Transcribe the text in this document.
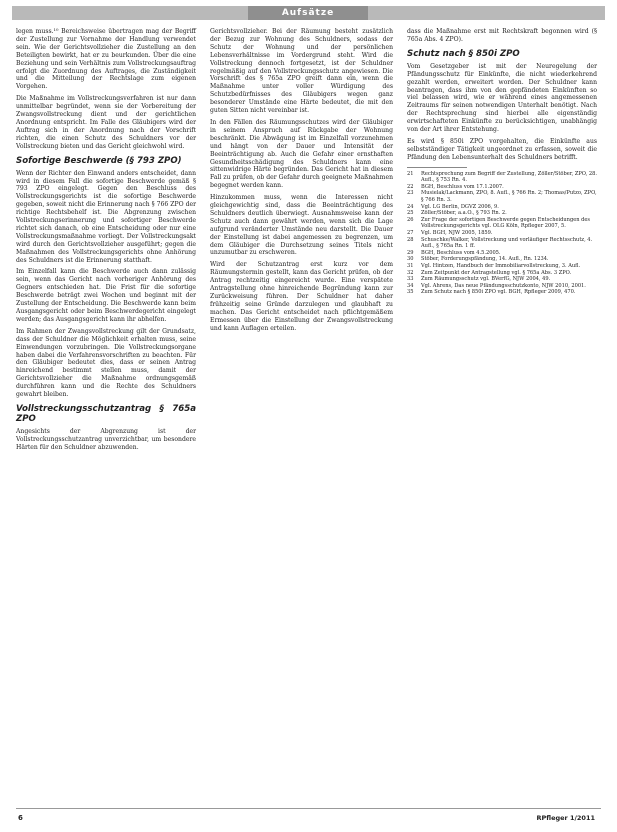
Aufsätze

legen muss.¹⁰ Bereichsweise übertragen mag der Begriff der Zustellung zur Vornahme der Handlung verwendet sein. Wie der Gerichtsvollzieher die Zustellung an den Beteiligten bewirkt, hat er zu beurkunden. Über die eine Beziehung und sein Verhältnis zum Vollstreckungsauftrag erfolgt die Zuordnung des Auftrages, die Zuständigkeit und die Mitteilung der Rechtslage zum eigenen Vorgehen.

Die Maßnahme im Vollstreckungsverfahren ist nur dann unmittelbar begründet, wenn sie der Vorbereitung der Zwangsvollstreckung dient und der gerichtlichen Anordnung entspricht. Im Falle des Gläubigers wird der Auftrag sich in der Anordnung nach der Vorschrift richten, die einen Schutz des Schuldners vor der Vollstreckung bieten und das Gericht gleichwohl wird.

Sofortige Beschwerde (§ 793 ZPO)

Wenn der Richter den Einwand anders entscheidet, dann wird in diesem Fall die sofortige Beschwerde gemäß § 793 ZPO eingelegt. Gegen den Beschluss des Vollstreckungsgerichts ist die sofortige Beschwerde gegeben, soweit nicht die Erinnerung nach § 766 ZPO der richtige Rechtsbehelf ist. Die Abgrenzung zwischen Vollstreckungserinnerung und sofortiger Beschwerde richtet sich danach, ob eine Entscheidung oder nur eine Vollstreckungsmaßnahme vorliegt. Der Vollstreckungsakt wird durch den Gerichtsvollzieher ausgeführt; gegen die Maßnahmen des Vollstreckungsgerichts ohne Anhörung des Schuldners ist die Erinnerung statthaft.

Im Einzelfall kann die Beschwerde auch dann zulässig sein, wenn das Gericht nach vorheriger Anhörung des Gegners entschieden hat. Die Frist für die sofortige Beschwerde beträgt zwei Wochen und beginnt mit der Zustellung der Entscheidung. Die Beschwerde kann beim Ausgangsgericht oder beim Beschwerdegericht eingelegt werden; das Ausgangsgericht kann ihr abhelfen.

Im Rahmen der Zwangsvollstreckung gilt der Grundsatz, dass der Schuldner die Möglichkeit erhalten muss, seine Einwendungen vorzubringen. Die Vollstreckungsorgane haben dabei die Verfahrensvorschriften zu beachten. Für den Gläubiger bedeutet dies, dass er seinen Antrag hinreichend bestimmt stellen muss, damit der Gerichtsvollzieher die Maßnahme ordnungsgemäß durchführen kann und die Rechte des Schuldners gewahrt bleiben.

Vollstreckungsschutzantrag § 765a ZPO

Angesichts der Abgrenzung ist der Vollstreckungsschutzantrag unverzichtbar, um besondere Härten für den Schuldner abzuwenden.

Gerichtsvollzieher. Bei der Räumung besteht zusätzlich der Bezug zur Wohnung des Schuldners, sodass der Schutz der Wohnung und der persönlichen Lebensverhältnisse im Vordergrund steht. Wird die Vollstreckung dennoch fortgesetzt, ist der Schuldner regelmäßig auf den Vollstreckungsschutz angewiesen. Die Vorschrift des § 765a ZPO greift dann ein, wenn die Maßnahme unter voller Würdigung des Schutzbedürfnisses des Gläubigers wegen ganz besonderer Umstände eine Härte bedeutet, die mit den guten Sitten nicht vereinbar ist.

In den Fällen des Räumungsschutzes wird der Gläubiger in seinem Anspruch auf Rückgabe der Wohnung beschränkt. Die Abwägung ist im Einzelfall vorzunehmen und hängt von der Dauer und Intensität der Beeinträchtigung ab. Auch die Gefahr einer ernsthaften Gesundheitsschädigung des Schuldners kann eine sittenwidrige Härte begründen. Das Gericht hat in diesem Fall zu prüfen, ob der Gefahr durch geeignete Maßnahmen begegnet werden kann.

Hinzukommen muss, wenn die Interessen nicht gleichgewichtig sind, dass die Beeinträchtigung des Schuldners deutlich überwiegt. Ausnahmsweise kann der Schutz auch dann gewährt werden, wenn sich die Lage aufgrund veränderter Umstände neu darstellt. Die Dauer der Einstellung ist dabei angemessen zu begrenzen, um dem Gläubiger die Durchsetzung seines Titels nicht unzumutbar zu erschweren.

Wird der Schutzantrag erst kurz vor dem Räumungstermin gestellt, kann das Gericht prüfen, ob der Antrag rechtzeitig eingereicht wurde. Eine verspätete Antragstellung ohne hinreichende Begründung kann zur Zurückweisung führen. Der Schuldner hat daher frühzeitig seine Gründe darzulegen und glaubhaft zu machen. Das Gericht entscheidet nach pflichtgemäßem Ermessen über die Einstellung der Zwangsvollstreckung und kann Auflagen erteilen.

dass die Maßnahme erst mit Rechtskraft begonnen wird (§ 765a Abs. 4 ZPO).

Schutz nach § 850i ZPO

Vom Gesetzgeber ist mit der Neuregelung der Pfändungsschutz für Einkünfte, die nicht wiederkehrend gezahlt werden, erweitert worden. Der Schuldner kann beantragen, dass ihm von den gepfändeten Einkünften so viel belassen wird, wie er während eines angemessenen Zeitraums für seinen notwendigen Unterhalt benötigt. Nach der Rechtsprechung sind hierbei alle eigenständig erwirtschafteten Einkünfte zu berücksichtigen, unabhängig von der Art ihrer Entstehung.

Es wird § 850i ZPO vorgehalten, die Einkünfte aus selbstständiger Tätigkeit ungeordnet zu erfassen, soweit die Pfändung den Lebensunterhalt des Schuldners betrifft.

21	Rechtsprechung zum Begriff der Zustellung, Zöller/Stöber, ZPO, 28. Aufl., § 753 Rn. 4.
22	BGH, Beschluss vom 17.1.2007.
23	Musielak/Lackmann, ZPO, 8. Aufl., § 766 Rn. 2; Thomas/Putzo, ZPO, § 766 Rn. 3.
24	Vgl. LG Berlin, DGVZ 2006, 9.
25	Zöller/Stöber, a.a.O., § 793 Rn. 2.
26	Zur Frage der sofortigen Beschwerde gegen Entscheidungen des Vollstreckungsgerichts vgl. OLG Köln, Rpfleger 2007, 5.
27	Vgl. BGH, NJW 2005, 1859.
28	Schuschke/Walker, Vollstreckung und vorläufiger Rechtsschutz, 4. Aufl., § 765a Rn. 1 ff.
29	BGH, Beschluss vom 4.5.2005.
30	Stöber, Forderungspfändung, 14. Aufl., Rn. 1234.
31	Vgl. Hintzen, Handbuch der Immobiliarvollstreckung, 3. Aufl.
32	Zum Zeitpunkt der Antragstellung vgl. § 765a Abs. 3 ZPO.
33	Zum Räumungsschutz vgl. BVerfG, NJW 2004, 49.
34	Vgl. Ahrens, Das neue Pfändungsschutzkonto, NJW 2010, 2001.
35	Zum Schutz nach § 850i ZPO vgl. BGH, Rpfleger 2009, 470.
6	RPfleger 1/2011
